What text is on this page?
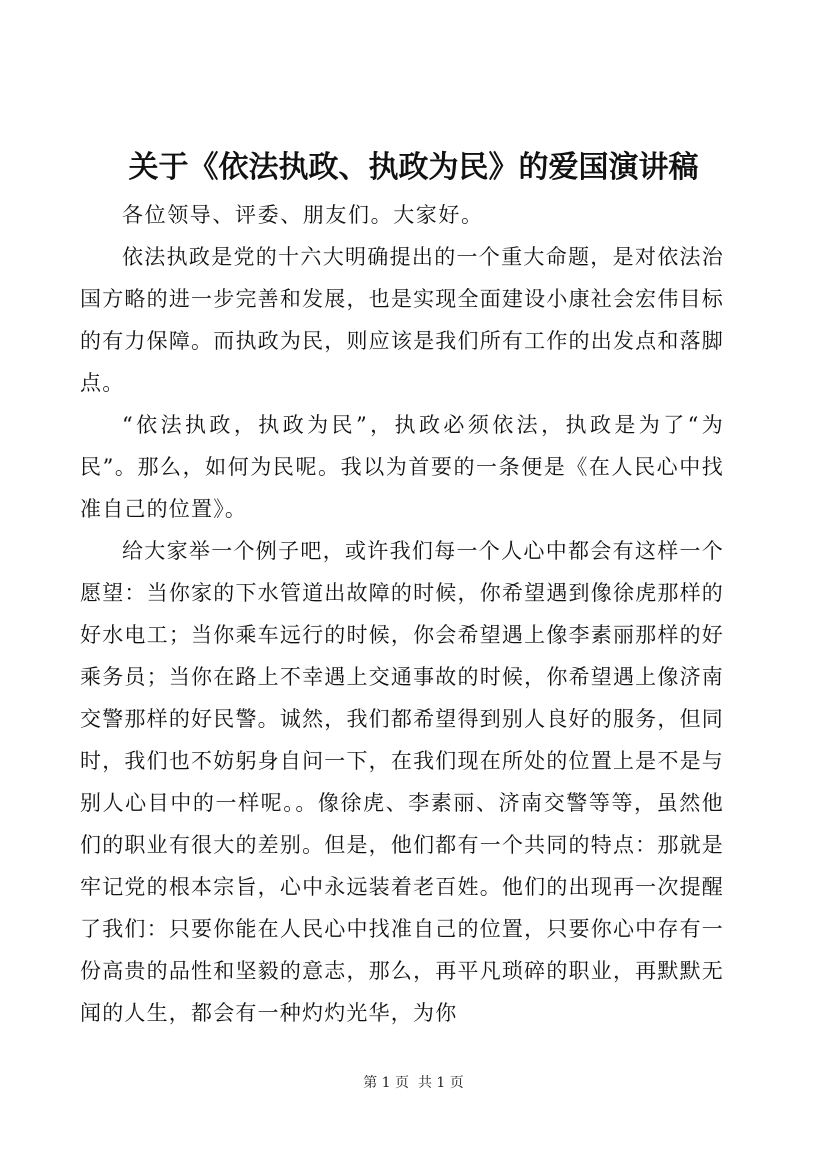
关于《依法执政、执政为民》的爱国演讲稿

各位领导、评委、朋友们。大家好。

依法执政是党的十六大明确提出的一个重大命题，是对依法治国方略的进一步完善和发展，也是实现全面建设小康社会宏伟目标的有力保障。而执政为民，则应该是我们所有工作的出发点和落脚点。

“依法执政，执政为民”，执政必须依法，执政是为了“为民”。那么，如何为民呢。我以为首要的一条便是《在人民心中找准自己的位置》。

给大家举一个例子吧，或许我们每一个人心中都会有这样一个愿望：当你家的下水管道出故障的时候，你希望遇到像徐虎那样的好水电工；当你乘车远行的时候，你会希望遇上像李素丽那样的好乘务员；当你在路上不幸遇上交通事故的时候，你希望遇上像济南交警那样的好民警。诚然，我们都希望得到别人良好的服务，但同时，我们也不妨躬身自问一下，在我们现在所处的位置上是不是与别人心目中的一样呢。。像徐虎、李素丽、济南交警等等，虽然他们的职业有很大的差别。但是，他们都有一个共同的特点：那就是牢记党的根本宗旨，心中永远装着老百姓。他们的出现再一次提醒了我们：只要你能在人民心中找准自己的位置，只要你心中存有一份高贵的品性和坚毅的意志，那么，再平凡琐碎的职业，再默默无闻的人生，都会有一种灼灼光华，为你

第 1 页  共 1 页
